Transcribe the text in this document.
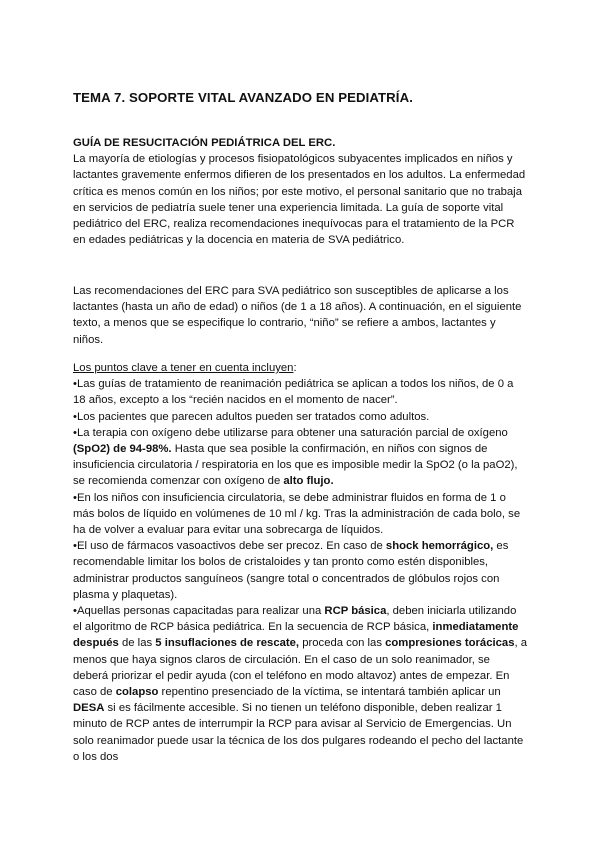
TEMA 7. SOPORTE VITAL AVANZADO EN PEDIATRÍA.

GUÍA DE RESUCITACIÓN PEDIÁTRICA DEL ERC.

La mayoría de etiologías y procesos fisiopatológicos subyacentes implicados en niños y lactantes gravemente enfermos difieren de los presentados en los adultos. La enfermedad crítica es menos común en los niños; por este motivo, el personal sanitario que no trabaja en servicios de pediatría suele tener una experiencia limitada. La guía de soporte vital pediátrico del ERC, realiza recomendaciones inequívocas para el tratamiento de la PCR en edades pediátricas y la docencia en materia de SVA pediátrico.

Las recomendaciones del ERC para SVA pediátrico son susceptibles de aplicarse a los lactantes (hasta un año de edad) o niños (de 1 a 18 años). A continuación, en el siguiente texto, a menos que se especifique lo contrario, “niño” se refiere a ambos, lactantes y niños.

Los puntos clave a tener en cuenta incluyen:

•Las guías de tratamiento de reanimación pediátrica se aplican a todos los niños, de 0 a 18 años, excepto a los “recién nacidos en el momento de nacer”.

•Los pacientes que parecen adultos pueden ser tratados como adultos.

•La terapia con oxígeno debe utilizarse para obtener una saturación parcial de oxígeno (SpO2) de 94-98%. Hasta que sea posible la confirmación, en niños con signos de insuficiencia circulatoria / respiratoria en los que es imposible medir la SpO2 (o la paO2), se recomienda comenzar con oxígeno de alto flujo.

•En los niños con insuficiencia circulatoria, se debe administrar fluidos en forma de 1 o más bolos de líquido en volúmenes de 10 ml / kg. Tras la administración de cada bolo, se ha de volver a evaluar para evitar una sobrecarga de líquidos.

•El uso de fármacos vasoactivos debe ser precoz. En caso de shock hemorrágico, es recomendable limitar los bolos de cristaloides y tan pronto como estén disponibles, administrar productos sanguíneos (sangre total o concentrados de glóbulos rojos con plasma y plaquetas).

•Aquellas personas capacitadas para realizar una RCP básica, deben iniciarla utilizando el algoritmo de RCP básica pediátrica. En la secuencia de RCP básica, inmediatamente después de las 5 insuflaciones de rescate, proceda con las compresiones torácicas, a menos que haya signos claros de circulación. En el caso de un solo reanimador, se deberá priorizar el pedir ayuda (con el teléfono en modo altavoz) antes de empezar. En caso de colapso repentino presenciado de la víctima, se intentará también aplicar un DESA si es fácilmente accesible. Si no tienen un teléfono disponible, deben realizar 1 minuto de RCP antes de interrumpir la RCP para avisar al Servicio de Emergencias. Un solo reanimador puede usar la técnica de los dos pulgares rodeando el pecho del lactante o los dos
